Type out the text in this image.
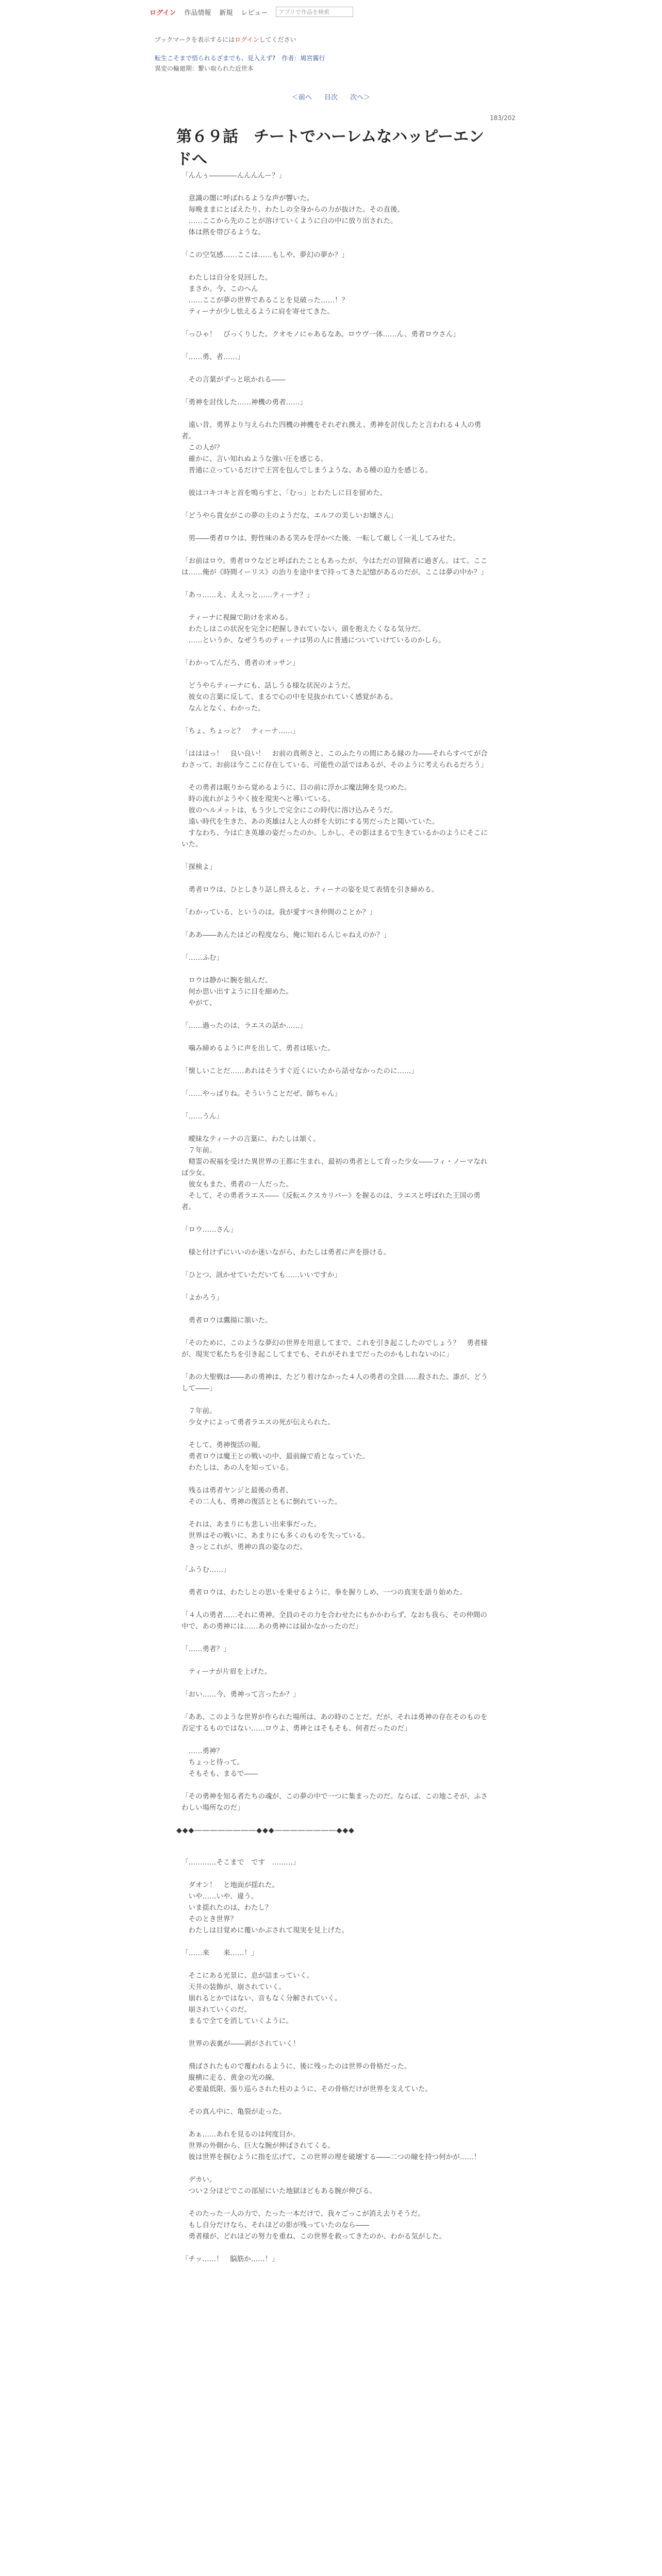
ログイン 作品情報 新規 レビュー	アプリで作品を検索
ブックマークを表示するにはログインしてください
転生こそまで悟られるざまでも、見入えず?　作者：鳩宮霧行
異変の輪廻期：繋い取られた近世本
＜前へ 目次 次へ＞
183/202
第６９話　チートでハーレムなハッピーエンドへ

「んんぅ――――んんんんー？」

　意識の闇に呼ばれるような声が響いた。
　毎晩ままにとばえたり、わたしの全身からの力が抜けた。その直後。
　……ここから先のことが溶けていくように白の中に放り出された。
　体は熱を帯びるような。

「この空気感……ここは……もしや、夢幻の夢か？」

　わたしは自分を見回した。
　まさか。今、このへん
　……ここが夢の世界であることを見破った……！？
　ティーナが少し怯えるように肩を寄せてきた。

「っひゃ！　びっくりした。クオモノにゃあるなあ。ロウヴ一体……ん、勇者ロウさん」

「……勇、者……」

　その言葉がずっと呟かれる――

「勇神を討伐した……神機の勇者……」

　遠い昔、勇界より与えられた四機の神機をそれぞれ携え、勇神を討伐したと言われる４人の勇者。
　この人が？
　確かに、言い知れぬような強い圧を感じる。
　普通に立っているだけで王宮を包んでしまうような、ある種の迫力を感じる。

　彼はコキコキと首を鳴らすと、「むっ」とわたしに目を留めた。

「どうやら貴女がこの夢の主のようだな、エルフの美しいお嬢さん」

　男――勇者ロウは、野性味のある笑みを浮かべた後、一転して厳しく一礼してみせた。

「お前はロウ。勇者ロウなどと呼ばれたこともあったが、今はただの冒険者に過ぎん。はて。ここは……俺が《時間イーリス》の治りを途中まで持ってきた記憶があるのだが。ここは夢の中か？」

「あっ……え、ええっと……ティーナ？」

　ティーナに視線で助けを求める。
　わたしはこの状況を完全に把握しきれていない。頭を抱えたくなる気分だ。
　……というか、なぜうちのティーナは男の人に普通についていけているのかしら。

「わかってんだろ、勇者のオッサン」

　どうやらティーナにも、話しうる様な状況のようだ。
　彼女の言葉に反して、まるで心の中を見抜かれていく感覚がある。
　なんとなく、わかった。

「ちょ、ちょっと？　ティーナ……」

「はははっ！　良い良い！　お前の真剣さと、このふたりの間にある縁の力――それらすべてが合わさって、お前は今ここに存在している。可能性の話ではあるが、そのように考えられるだろう」

　その勇者は眠りから覚めるように、目の前に浮かぶ魔法陣を見つめた。
　時の流れがようやく彼を現実へと導いている。
　彼のヘルメットは、もう少しで完全にこの時代に溶け込みそうだ。
　遠い時代を生きた、あの英雄は人と人の絆を大切にする男だったと聞いていた。
　すなわち、今は亡き英雄の姿だったのか。しかし、その影はまるで生きているかのようにそこにいた。

「探検よ」

　勇者ロウは、ひとしきり話し終えると、ティーナの姿を見て表情を引き締める。

「わかっている、というのは。我が愛すべき仲間のことか？」

「ああ――あんたはどの程度なら、俺に知れるんじゃねえのか？」

「……ふむ」

　ロウは静かに腕を組んだ。
　何か思い出すように目を細めた。
　やがて、

「……過ったのは、ラエスの話か……」

　噛み締めるように声を出して、勇者は呟いた。

「懐しいことだ……あれはそうすぐ近くにいたから話せなかったのに……」

「……やっぱりね。そういうことだぜ、師ちゃん」

「……うん」

　曖昧なティーナの言葉に、わたしは頷く。
　７年前。
　精霊の祝福を受けた異世界の王都に生まれ、最初の勇者として育った少女――フィ・ノーマなれば少女。
　彼女もまた、勇者の一人だった。
　そして、その勇者ラエス――《反転エクスカリバー》を握るのは、ラエスと呼ばれた王国の勇者。

「ロウ……さん」

　様と付けずにいいのか迷いながら、わたしは勇者に声を掛ける。

「ひとつ、訊かせていただいても……いいですか」

「よかろう」

　勇者ロウは鷹揚に頷いた。

「そのために、このような夢幻の世界を用意してまで、これを引き起こしたのでしょう？　勇者様が、現実で私たちを引き起こしてまでも、それがそれまでだったのかもしれないのに」

「あの大聖戦は――あの勇神は、たどり着けなかった４人の勇者の全員……殺された。誰が、どうして――」

　７年前。
　少女ナによって勇者ラエスの死が伝えられた。

　そして、勇神復活の報。
　勇者ロウは魔王との戦いの中、最前線で盾となっていた。
　わたしは、あの人を知っている。

　残るは勇者ヤンジと最後の勇者、
　その二人も、勇神の復活とともに倒れていった。

　それは、あまりにも悲しい出来事だった。
　世界はその戦いに、あまりにも多くのものを失っている。
　きっとこれが、勇神の真の姿なのだ。

「ふうむ……」

　勇者ロウは、わたしとの思いを乗せるように、拳を握りしめ、一つの真実を語り始めた。

「４人の勇者……それに勇神。全員のその力を合わせたにもかかわらず、なおも我ら、その仲間の中で、あの勇神には……あの勇神には届かなかったのだ」

「……勇者？」

　ティーナが片眉を上げた。

「おい……今、勇神って言ったか？」

「ああ、このような世界が作られた場所は、あの時のことだ。だが、それは勇神の存在そのものを否定するものではない……ロウよ、勇神とはそもそも、何者だったのだ」

　……勇神？
　ちょっと待って。
　そもそも、まるで――

「その勇神を知る者たちの魂が、この夢の中で一つに集まったのだ。ならば、この地こそが、ふさわしい場所なのだ」

◆◆◆――――――――◆◆◆――――――――◆◆◆

「…………そこまで　です　………」

　ダオン！　と地面が揺れた。
　いや……いや、違う。
　いま揺れたのは、わたし？
　そのとき世界？
　わたしは目覚めに覆いかぶされて現実を見上げた。

「……来　　来……！」

　そこにある光景に、息が詰まっていく。
　天井の装飾が、崩されていく。
　崩れるとかではない、音もなく分解されていく。
　崩されていくのだ。
　まるで全てを消していくように。

　世界の表裏が――剥がされていく！

　飛ばされたもので覆われるように、後に残ったのは世界の骨格だった。
　縦横に走る、黄金の光の線。
　必要最低限、張り巡らされた柱のように、その骨格だけが世界を支えていた。

　その真ん中に、亀裂が走った。

　あぁ……あれを見るのは何度目か。
　世界の外側から、巨大な腕が伸ばされてくる。
　彼は世界を掴むように指を広げて、この世界の理を破壊する――二つの瞳を持つ何かが……！

　デカい。
　つい２分ほどでこの部屋にいた地獄ほどもある腕が伸びる。

　そのたった一人の力で、たった一本だけで、我々ごっこが消え去りそうだ。
　もし自分だけなら、それほどの影が残っていたのなら――
　勇者様が、どれほどの努力を重ね、この世界を救ってきたのか、わかる気がした。

「チッ……！　脳筋か……！」
